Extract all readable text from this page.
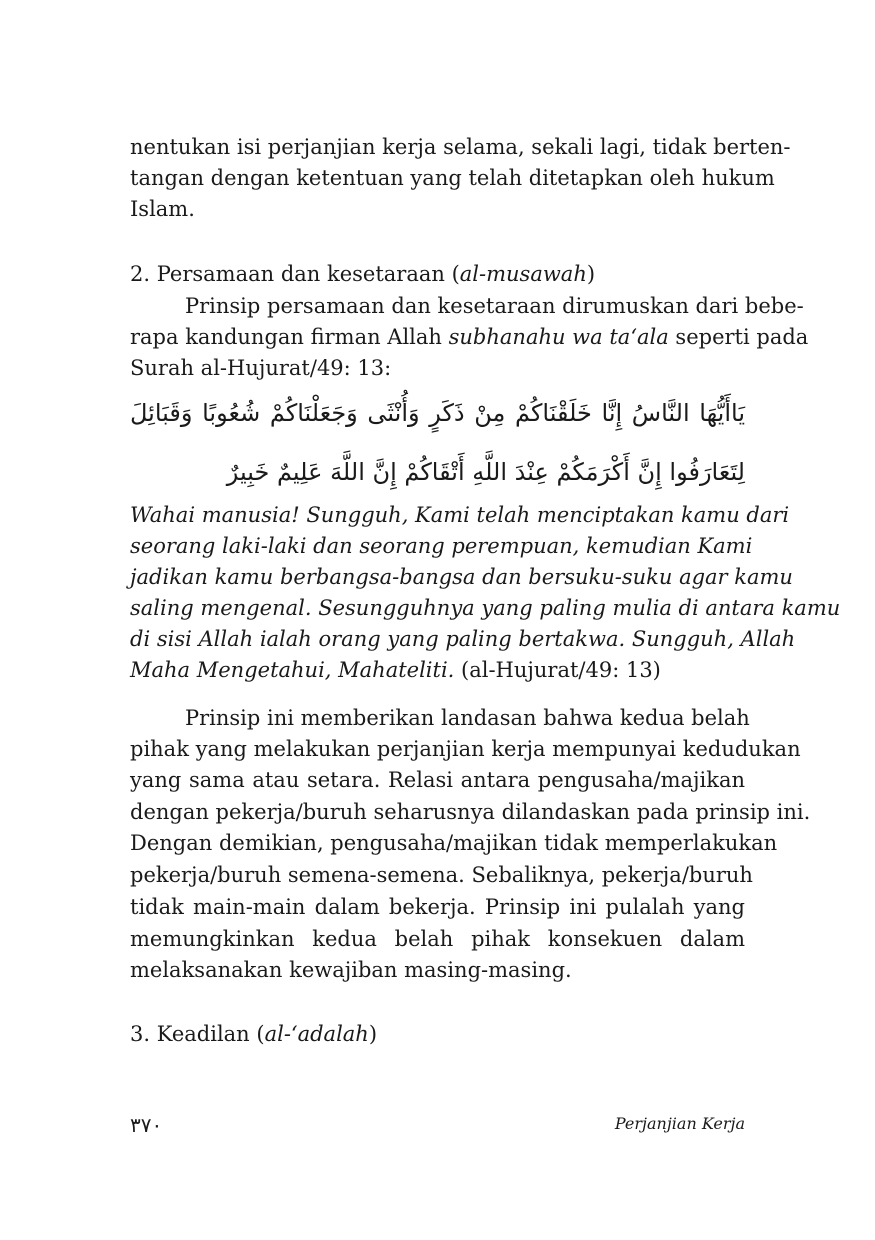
nentukan isi perjanjian kerja selama, sekali lagi, tidak berten-
tangan dengan ketentuan yang telah ditetapkan oleh hukum
Islam.
2. Persamaan dan kesetaraan (al-musawah)
Prinsip persamaan dan kesetaraan dirumuskan dari bebe-
rapa kandungan firman Allah subhanahu wa ta‘ala seperti pada
Surah al-Hujurat/49: 13:
يَاأَيُّهَا النَّاسُ إِنَّا خَلَقْنَاكُمْ مِنْ ذَكَرٍ وَأُنْثَى وَجَعَلْنَاكُمْ شُعُوبًا وَقَبَائِلَ
لِتَعَارَفُوا إِنَّ أَكْرَمَكُمْ عِنْدَ اللَّهِ أَتْقَاكُمْ إِنَّ اللَّهَ عَلِيمٌ خَبِيرٌ
Wahai manusia! Sungguh, Kami telah menciptakan kamu dari
seorang laki-laki dan seorang perempuan, kemudian Kami
jadikan kamu berbangsa-bangsa dan bersuku-suku agar kamu
saling mengenal. Sesungguhnya yang paling mulia di antara kamu
di sisi Allah ialah orang yang paling bertakwa. Sungguh, Allah
Maha Mengetahui, Mahateliti. (al-Hujurat/49: 13)
Prinsip ini memberikan landasan bahwa kedua belah
pihak yang melakukan perjanjian kerja mempunyai kedudukan
yang sama atau setara. Relasi antara pengusaha/majikan
dengan pekerja/buruh seharusnya dilandaskan pada prinsip ini.
Dengan demikian, pengusaha/majikan tidak memperlakukan
pekerja/buruh semena-semena. Sebaliknya, pekerja/buruh
tidak main-main dalam bekerja. Prinsip ini pulalah yang
memungkinkan kedua belah pihak konsekuen dalam
melaksanakan kewajiban masing-masing.
3. Keadilan (al-‘adalah)
٣٧٠	Perjanjian Kerja
